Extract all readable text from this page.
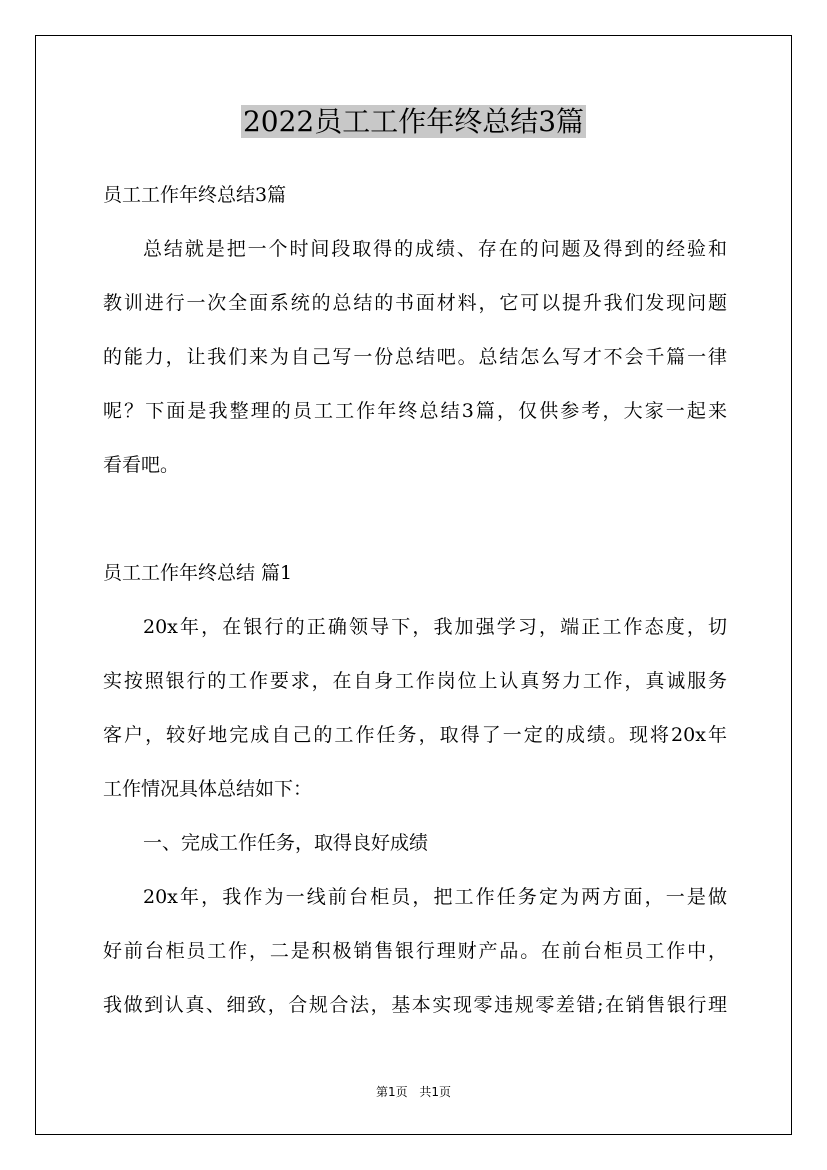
2022员工工作年终总结3篇
员工工作年终总结3篇
总结就是把一个时间段取得的成绩、存在的问题及得到的经验和
教训进行一次全面系统的总结的书面材料，它可以提升我们发现问题
的能力，让我们来为自己写一份总结吧。总结怎么写才不会千篇一律
呢？下面是我整理的员工工作年终总结3篇，仅供参考，大家一起来
看看吧。
员工工作年终总结 篇1
20x年，在银行的正确领导下，我加强学习，端正工作态度，切
实按照银行的工作要求，在自身工作岗位上认真努力工作，真诚服务
客户，较好地完成自己的工作任务，取得了一定的成绩。现将20x年
工作情况具体总结如下：
一、完成工作任务，取得良好成绩
20x年，我作为一线前台柜员，把工作任务定为两方面，一是做
好前台柜员工作，二是积极销售银行理财产品。在前台柜员工作中，
我做到认真、细致，合规合法，基本实现零违规零差错;在销售银行理
第1页 共1页
